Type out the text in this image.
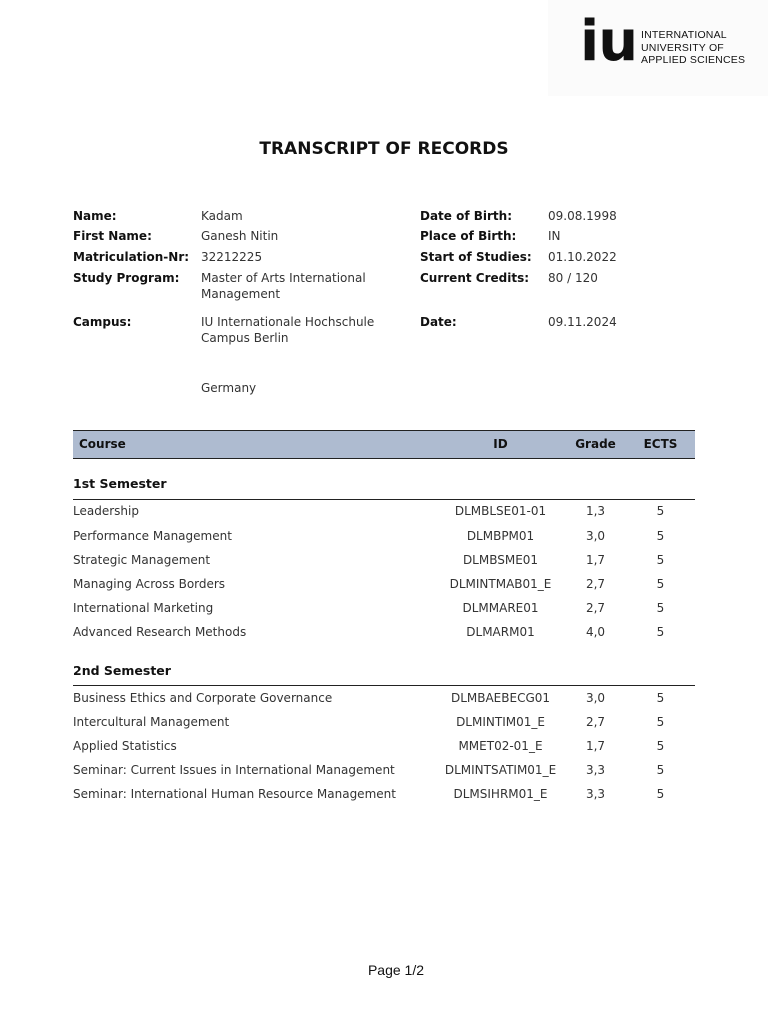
iu INTERNATIONAL
UNIVERSITY OF
APPLIED SCIENCES
TRANSCRIPT OF RECORDS
Name:	Kadam
First Name:	Ganesh Nitin
Matriculation-Nr: 32212225
Study Program: Master of Arts International Management
Campus:	IU Internationale Hochschule Campus Berlin
Germany
Date of Birth:	09.08.1998
Place of Birth:	IN
Start of Studies: 01.10.2022
Current Credits: 80 / 120
Date:	09.11.2024
Course	ID	Grade	ECTS
1st Semester
Leadership	DLMBLSE01-01	1,3	5
Performance Management	DLMBPM01	3,0	5
Strategic Management	DLMBSME01	1,7	5
Managing Across Borders	DLMINTMAB01_E	2,7	5
International Marketing	DLMMARE01	2,7	5
Advanced Research Methods	DLMARM01	4,0	5
2nd Semester
Business Ethics and Corporate Governance	DLMBAEBECG01	3,0	5
Intercultural Management	DLMINTIM01_E	2,7	5
Applied Statistics	MMET02-01_E	1,7	5
Seminar: Current Issues in International Management	DLMINTSATIM01_E	3,3	5
Seminar: International Human Resource Management	DLMSIHRM01_E	3,3	5
Page 1/2
